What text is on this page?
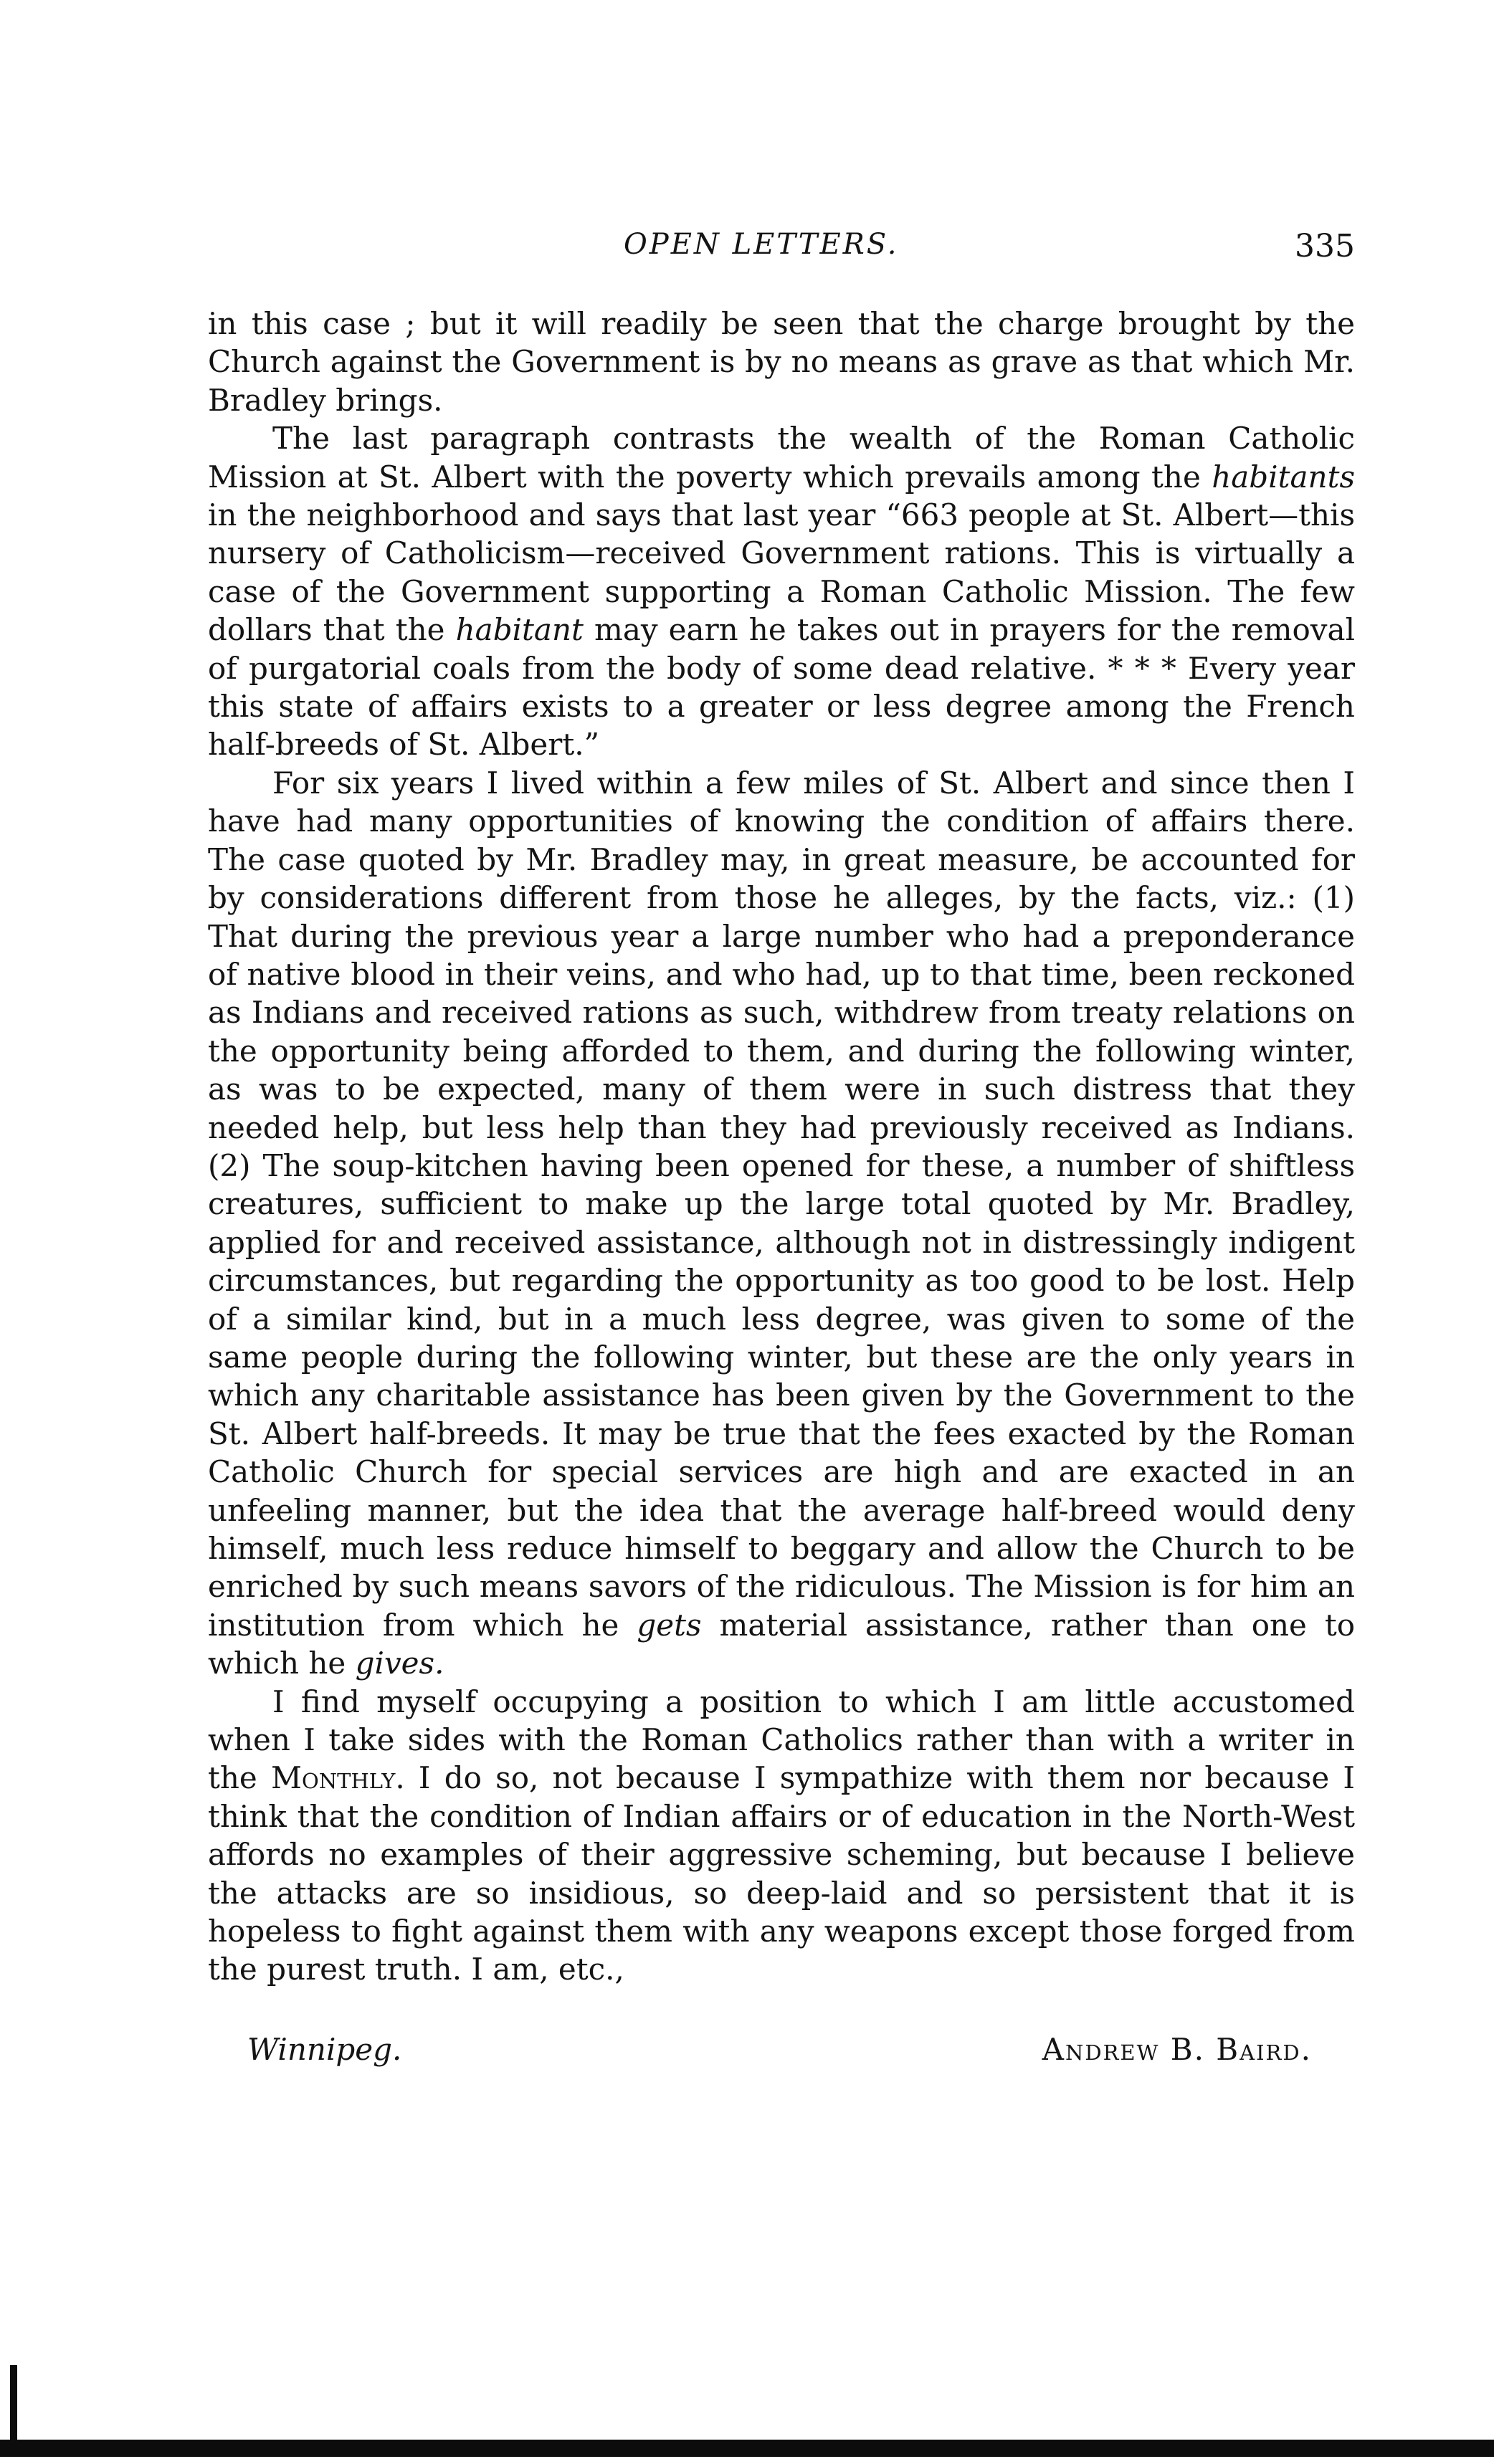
OPEN LETTERS.	335

in this case ; but it will readily be seen that the charge brought by the Church against the Government is by no means as grave as that which Mr. Bradley brings.

The last paragraph contrasts the wealth of the Roman Catholic Mission at St. Albert with the poverty which prevails among the habitants in the neighborhood and says that last year “663 people at St. Albert—this nursery of Catholicism—received Government rations. This is virtually a case of the Government supporting a Roman Catholic Mission. The few dollars that the habitant may earn he takes out in prayers for the removal of purgatorial coals from the body of some dead relative. * * * Every year this state of affairs exists to a greater or less degree among the French half-breeds of St. Albert.”

For six years I lived within a few miles of St. Albert and since then I have had many opportunities of knowing the condition of affairs there. The case quoted by Mr. Bradley may, in great measure, be accounted for by considerations different from those he alleges, by the facts, viz.: (1) That during the previous year a large number who had a preponderance of native blood in their veins, and who had, up to that time, been reckoned as Indians and received rations as such, withdrew from treaty relations on the opportunity being afforded to them, and during the following winter, as was to be expected, many of them were in such distress that they needed help, but less help than they had previously received as Indians. (2) The soup-kitchen having been opened for these, a number of shiftless creatures, sufficient to make up the large total quoted by Mr. Bradley, applied for and received assistance, although not in distressingly indigent circumstances, but regarding the opportunity as too good to be lost. Help of a similar kind, but in a much less degree, was given to some of the same people during the following winter, but these are the only years in which any charitable assistance has been given by the Government to the St. Albert half-breeds. It may be true that the fees exacted by the Roman Catholic Church for special services are high and are exacted in an unfeeling manner, but the idea that the average half-breed would deny himself, much less reduce himself to beggary and allow the Church to be enriched by such means savors of the ridiculous. The Mission is for him an institution from which he gets material assistance, rather than one to which he gives.

I find myself occupying a position to which I am little accustomed when I take sides with the Roman Catholics rather than with a writer in the Monthly. I do so, not because I sympathize with them nor because I think that the condition of Indian affairs or of education in the North-West affords no examples of their aggressive scheming, but because I believe the attacks are so insidious, so deep-laid and so persistent that it is hopeless to fight against them with any weapons except those forged from the purest truth. I am, etc.,

Winnipeg.	Andrew B. Baird.
